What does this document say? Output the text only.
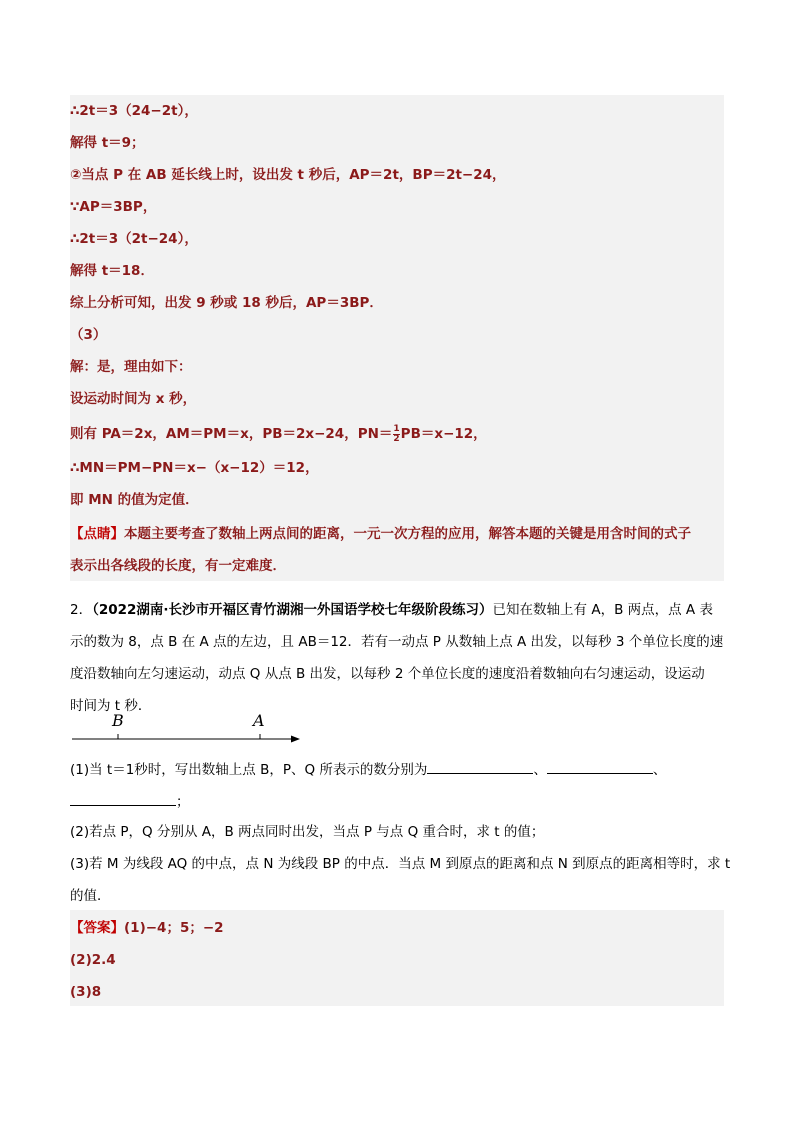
∴2t＝3（24−2t），
解得 t＝9；
②当点 P 在 AB 延长线上时，设出发 t 秒后，AP＝2t，BP＝2t−24，
∵AP＝3BP，
∴2t＝3（2t−24），
解得 t＝18．
综上分析可知，出发 9 秒或 18 秒后，AP＝3BP．
（3）
解：是，理由如下：
设运动时间为 x 秒，
则有 PA＝2x，AM＝PM＝x，PB＝2x−24，$PN= \frac{1}{2} PB=x-12$，
∴MN＝PM−PN＝x−（x−12）＝12，
即 MN 的值为定值．
【点睛】本题主要考查了数轴上两点间的距离，一元一次方程的应用，解答本题的关键是用含时间的式子
表示出各线段的长度，有一定难度．
2．（2022湖南·长沙市开福区青竹湖湘一外国语学校七年级阶段练习）已知在数轴上有 A，B 两点，点 A 表
示的数为 8，点 B 在 A 点的左边，且 AB＝12．若有一动点 P 从数轴上点 A 出发，以每秒 3 个单位长度的速
度沿数轴向左匀速运动，动点 Q 从点 B 出发，以每秒 2 个单位长度的速度沿着数轴向右匀速运动，设运动
时间为 t 秒．
B	A
(1)当 t＝1秒时，写出数轴上点 B，P、Q 所表示的数分别为	、	、
；
(2)若点 P，Q 分别从 A，B 两点同时出发，当点 P 与点 Q 重合时，求 t 的值；
(3)若 M 为线段 AQ 的中点，点 N 为线段 BP 的中点．当点 M 到原点的距离和点 N 到原点的距离相等时，求 t
的值．
【答案】(1)−4；5；−2
(2)2.4
(3)8
